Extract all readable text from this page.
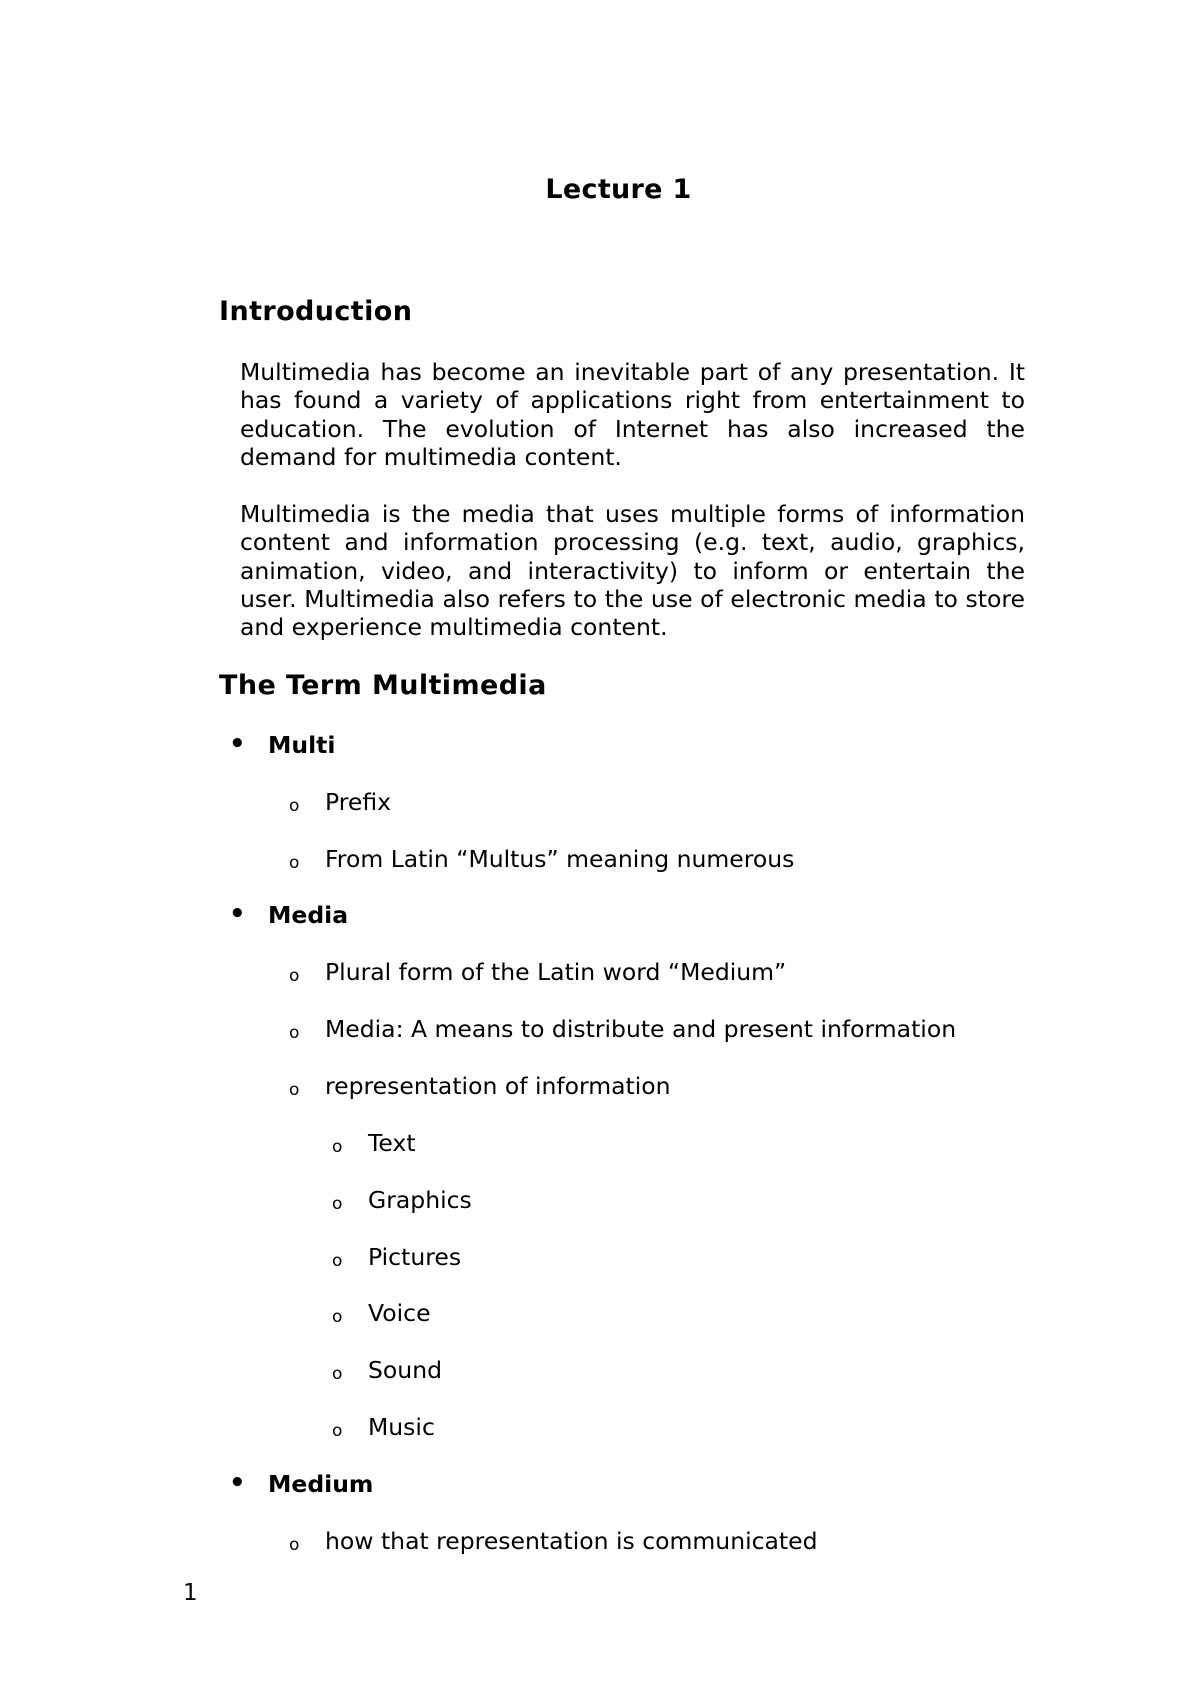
Lecture 1
Introduction

Multimedia has become an inevitable part of any presentation. It has found a variety of applications right from entertainment to education. The evolution of Internet has also increased the demand for multimedia content.

Multimedia is the media that uses multiple forms of information content and information processing (e.g. text, audio, graphics, animation, video, and interactivity) to inform or entertain the user. Multimedia also refers to the use of electronic media to store and experience multimedia content.

The Term Multimedia
• Multi
o Prefix
o From Latin “Multus” meaning numerous
• Media
o Plural form of the Latin word “Medium”
o Media: A means to distribute and present information
o representation of information
o Text
o Graphics
o Pictures
o Voice
o Sound
o Music
• Medium
o how that representation is communicated
1
